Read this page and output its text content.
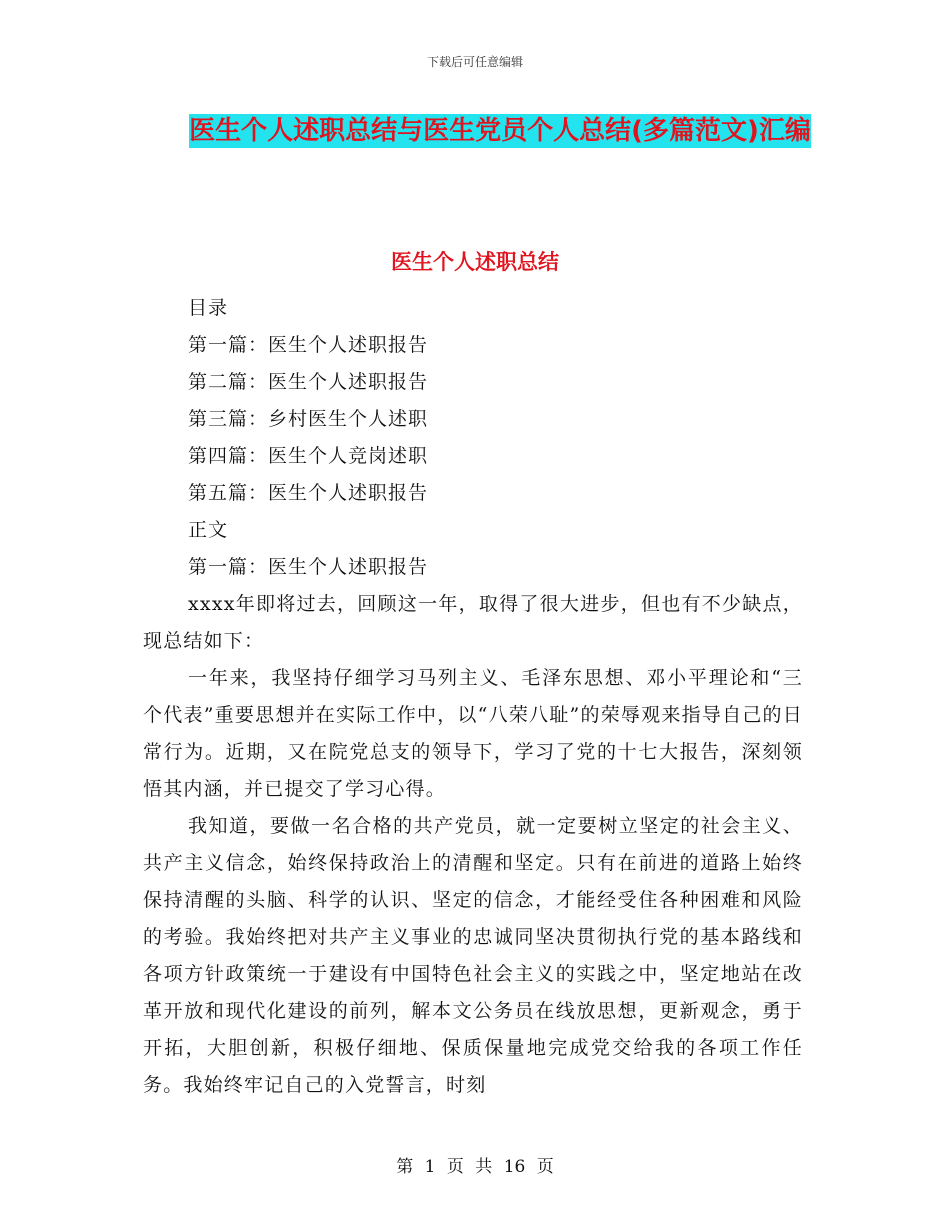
下载后可任意编辑
医生个人述职总结与医生党员个人总结(多篇范文)汇编
医生个人述职总结
目录
第一篇：医生个人述职报告
第二篇：医生个人述职报告
第三篇：乡村医生个人述职
第四篇：医生个人竞岗述职
第五篇：医生个人述职报告
正文
第一篇：医生个人述职报告
xxxx年即将过去，回顾这一年，取得了很大进步，但也有不少缺点，现总结如下：
一年来，我坚持仔细学习马列主义、毛泽东思想、邓小平理论和“三个代表”重要思想并在实际工作中，以“八荣八耻”的荣辱观来指导自己的日常行为。近期，又在院党总支的领导下，学习了党的十七大报告，深刻领悟其内涵，并已提交了学习心得。
我知道，要做一名合格的共产党员，就一定要树立坚定的社会主义、共产主义信念，始终保持政治上的清醒和坚定。只有在前进的道路上始终保持清醒的头脑、科学的认识、坚定的信念，才能经受住各种困难和风险的考验。我始终把对共产主义事业的忠诚同坚决贯彻执行党的基本路线和各项方针政策统一于建设有中国特色社会主义的实践之中，坚定地站在改革开放和现代化建设的前列，解本文公务员在线放思想，更新观念，勇于开拓，大胆创新，积极仔细地、保质保量地完成党交给我的各项工作任务。我始终牢记自己的入党誓言，时刻
第 1 页 共 16 页
